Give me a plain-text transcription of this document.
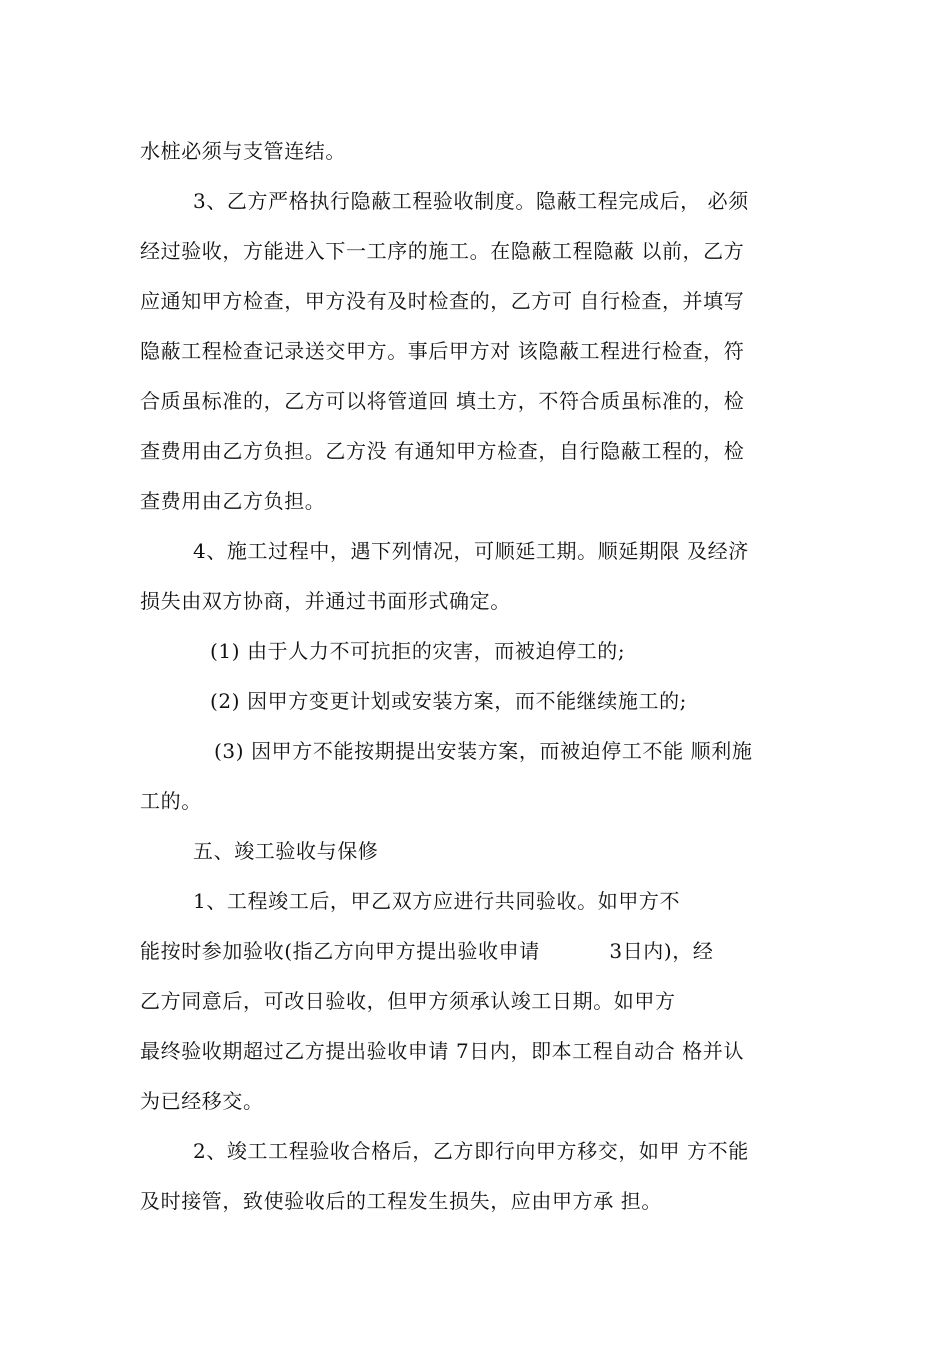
水桩必须与支管连结。
3、乙方严格执行隐蔽工程验收制度。隐蔽工程完成后， 必须
经过验收，方能进入下一工序的施工。在隐蔽工程隐蔽 以前，乙方
应通知甲方检查，甲方没有及时检查的，乙方可 自行检查，并填写
隐蔽工程检查记录送交甲方。事后甲方对 该隐蔽工程进行检查，符
合质虽标准的，乙方可以将管道回 填土方，不符合质虽标准的，检
查费用由乙方负担。乙方没 有通知甲方检查，自行隐蔽工程的，检
查费用由乙方负担。
4、施工过程中，遇下列情况，可顺延工期。顺延期限 及经济
损失由双方协商，并通过书面形式确定。
(1) 由于人力不可抗拒的灾害，而被迫停工的;
(2) 因甲方变更计划或安装方案，而不能继续施工的;
(3) 因甲方不能按期提出安装方案，而被迫停工不能 顺利施
工的。
五、竣工验收与保修
1、工程竣工后，甲乙双方应进行共同验收。如甲方不
能按时参加验收(指乙方向甲方提出验收申请          3日内)，经
乙方同意后，可改日验收，但甲方须承认竣工日期。如甲方
最终验收期超过乙方提出验收申请 7日内，即本工程自动合 格并认
为已经移交。
2、竣工工程验收合格后，乙方即行向甲方移交，如甲 方不能
及时接管，致使验收后的工程发生损失，应由甲方承 担。
